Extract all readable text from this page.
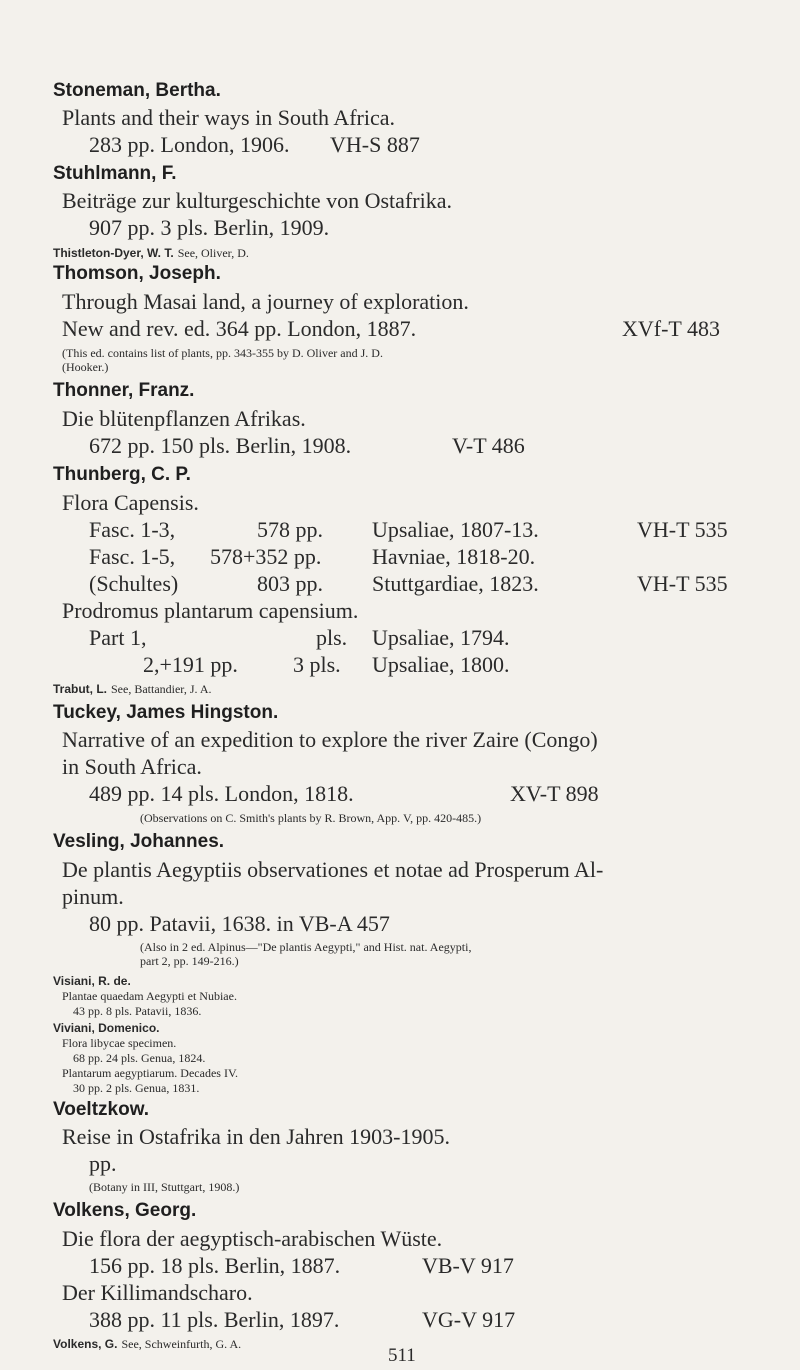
Stoneman, Bertha.
Plants and their ways in South Africa.
283 pp. London, 1906. VH-S 887
Stuhlmann, F.
Beiträge zur kulturgeschichte von Ostafrika.
907 pp. 3 pls. Berlin, 1909.
Thistleton-Dyer, W. T. See, Oliver, D.
Thomson, Joseph.
Through Masai land, a journey of exploration.
New and rev. ed. 364 pp. London, 1887.	XVf-T 483
(This ed. contains list of plants, pp. 343-355 by D. Oliver and J. D.
(Hooker.)
Thonner, Franz.
Die blütenpflanzen Afrikas.
672 pp. 150 pls. Berlin, 1908.	V-T 486
Thunberg, C. P.
Flora Capensis.
Fasc. 1-3,	578 pp. Upsaliae, 1807-13.	VH-T 535
Fasc. 1-5, 578+352 pp. Havniae, 1818-20.
(Schultes)	803 pp. Stuttgardiae, 1823.	VH-T 535
Prodromus plantarum capensium.
Part 1,	pls. Upsaliae, 1794.
2,+191 pp.	3 pls. Upsaliae, 1800.
Trabut, L. See, Battandier, J. A.
Tuckey, James Hingston.
Narrative of an expedition to explore the river Zaire (Congo)
in South Africa.
489 pp. 14 pls. London, 1818.	XV-T 898
(Observations on C. Smith's plants by R. Brown, App. V, pp. 420-485.)
Vesling, Johannes.
De plantis Aegyptiis observationes et notae ad Prosperum Al-
pinum.
80 pp. Patavii, 1638. in VB-A 457
(Also in 2 ed. Alpinus—"De plantis Aegypti," and Hist. nat. Aegypti,
part 2, pp. 149-216.)
Visiani, R. de.
Plantae quaedam Aegypti et Nubiae.
43 pp. 8 pls. Patavii, 1836.
Viviani, Domenico.
Flora libycae specimen.
68 pp. 24 pls. Genua, 1824.
Plantarum aegyptiarum. Decades IV.
30 pp. 2 pls. Genua, 1831.
Voeltzkow.
Reise in Ostafrika in den Jahren 1903-1905.
pp.
(Botany in III, Stuttgart, 1908.)
Volkens, Georg.
Die flora der aegyptisch-arabischen Wüste.
156 pp. 18 pls. Berlin, 1887.	VB-V 917
Der Killimandscharo.
388 pp. 11 pls. Berlin, 1897.	VG-V 917
Volkens, G. See, Schweinfurth, G. A.
511
